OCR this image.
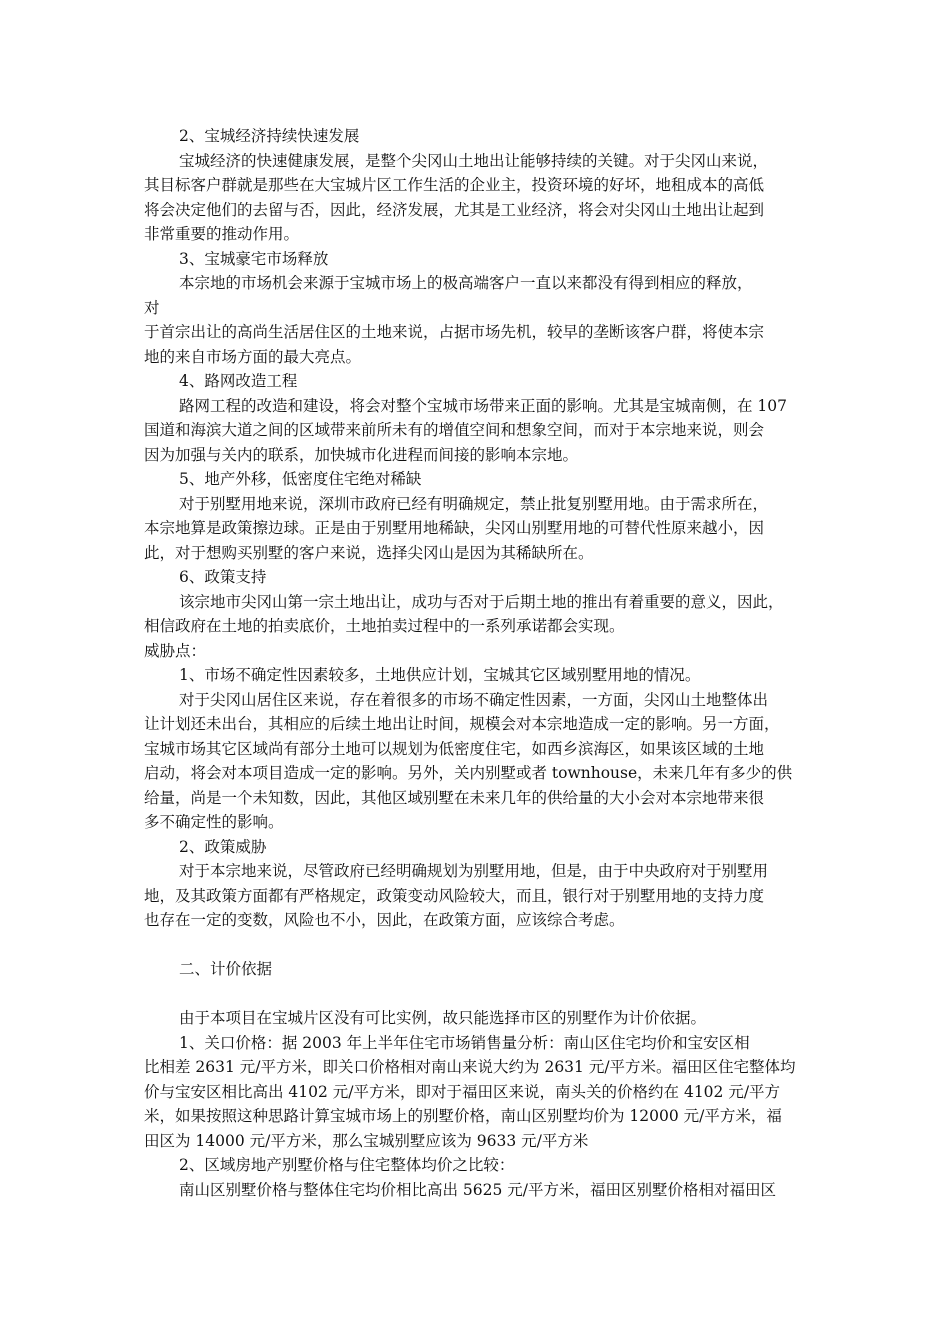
2、宝城经济持续快速发展
宝城经济的快速健康发展，是整个尖冈山土地出让能够持续的关键。对于尖冈山来说，
其目标客户群就是那些在大宝城片区工作生活的企业主，投资环境的好坏，地租成本的高低
将会决定他们的去留与否，因此，经济发展，尤其是工业经济，将会对尖冈山土地出让起到
非常重要的推动作用。
3、宝城豪宅市场释放
本宗地的市场机会来源于宝城市场上的极高端客户一直以来都没有得到相应的释放，
对
于首宗出让的高尚生活居住区的土地来说，占据市场先机，较早的垄断该客户群，将使本宗
地的来自市场方面的最大亮点。
4、路网改造工程
路网工程的改造和建设，将会对整个宝城市场带来正面的影响。尤其是宝城南侧，在 107
国道和海滨大道之间的区域带来前所未有的增值空间和想象空间，而对于本宗地来说，则会
因为加强与关内的联系，加快城市化进程而间接的影响本宗地。
5、地产外移，低密度住宅绝对稀缺
对于别墅用地来说，深圳市政府已经有明确规定，禁止批复别墅用地。由于需求所在，
本宗地算是政策擦边球。正是由于别墅用地稀缺，尖冈山别墅用地的可替代性原来越小，因
此，对于想购买别墅的客户来说，选择尖冈山是因为其稀缺所在。
6、政策支持
该宗地市尖冈山第一宗土地出让，成功与否对于后期土地的推出有着重要的意义，因此，
相信政府在土地的拍卖底价，土地拍卖过程中的一系列承诺都会实现。
威胁点：
1、市场不确定性因素较多，土地供应计划，宝城其它区域别墅用地的情况。
对于尖冈山居住区来说，存在着很多的市场不确定性因素，一方面，尖冈山土地整体出
让计划还未出台，其相应的后续土地出让时间，规模会对本宗地造成一定的影响。另一方面，
宝城市场其它区域尚有部分土地可以规划为低密度住宅，如西乡滨海区，如果该区域的土地
启动，将会对本项目造成一定的影响。另外，关内别墅或者 townhouse，未来几年有多少的供
给量，尚是一个未知数，因此，其他区域别墅在未来几年的供给量的大小会对本宗地带来很
多不确定性的影响。
2、政策威胁
对于本宗地来说，尽管政府已经明确规划为别墅用地，但是，由于中央政府对于别墅用
地，及其政策方面都有严格规定，政策变动风险较大，而且，银行对于别墅用地的支持力度
也存在一定的变数，风险也不小，因此，在政策方面，应该综合考虑。
二、计价依据
由于本项目在宝城片区没有可比实例，故只能选择市区的别墅作为计价依据。
1、关口价格：据 2003 年上半年住宅市场销售量分析：南山区住宅均价和宝安区相
比相差 2631 元/平方米，即关口价格相对南山来说大约为 2631 元/平方米。福田区住宅整体均
价与宝安区相比高出 4102 元/平方米，即对于福田区来说，南头关的价格约在 4102 元/平方
米，如果按照这种思路计算宝城市场上的别墅价格，南山区别墅均价为 12000 元/平方米，福
田区为 14000 元/平方米，那么宝城别墅应该为 9633 元/平方米
2、区域房地产别墅价格与住宅整体均价之比较：
南山区别墅价格与整体住宅均价相比高出 5625 元/平方米，福田区别墅价格相对福田区
